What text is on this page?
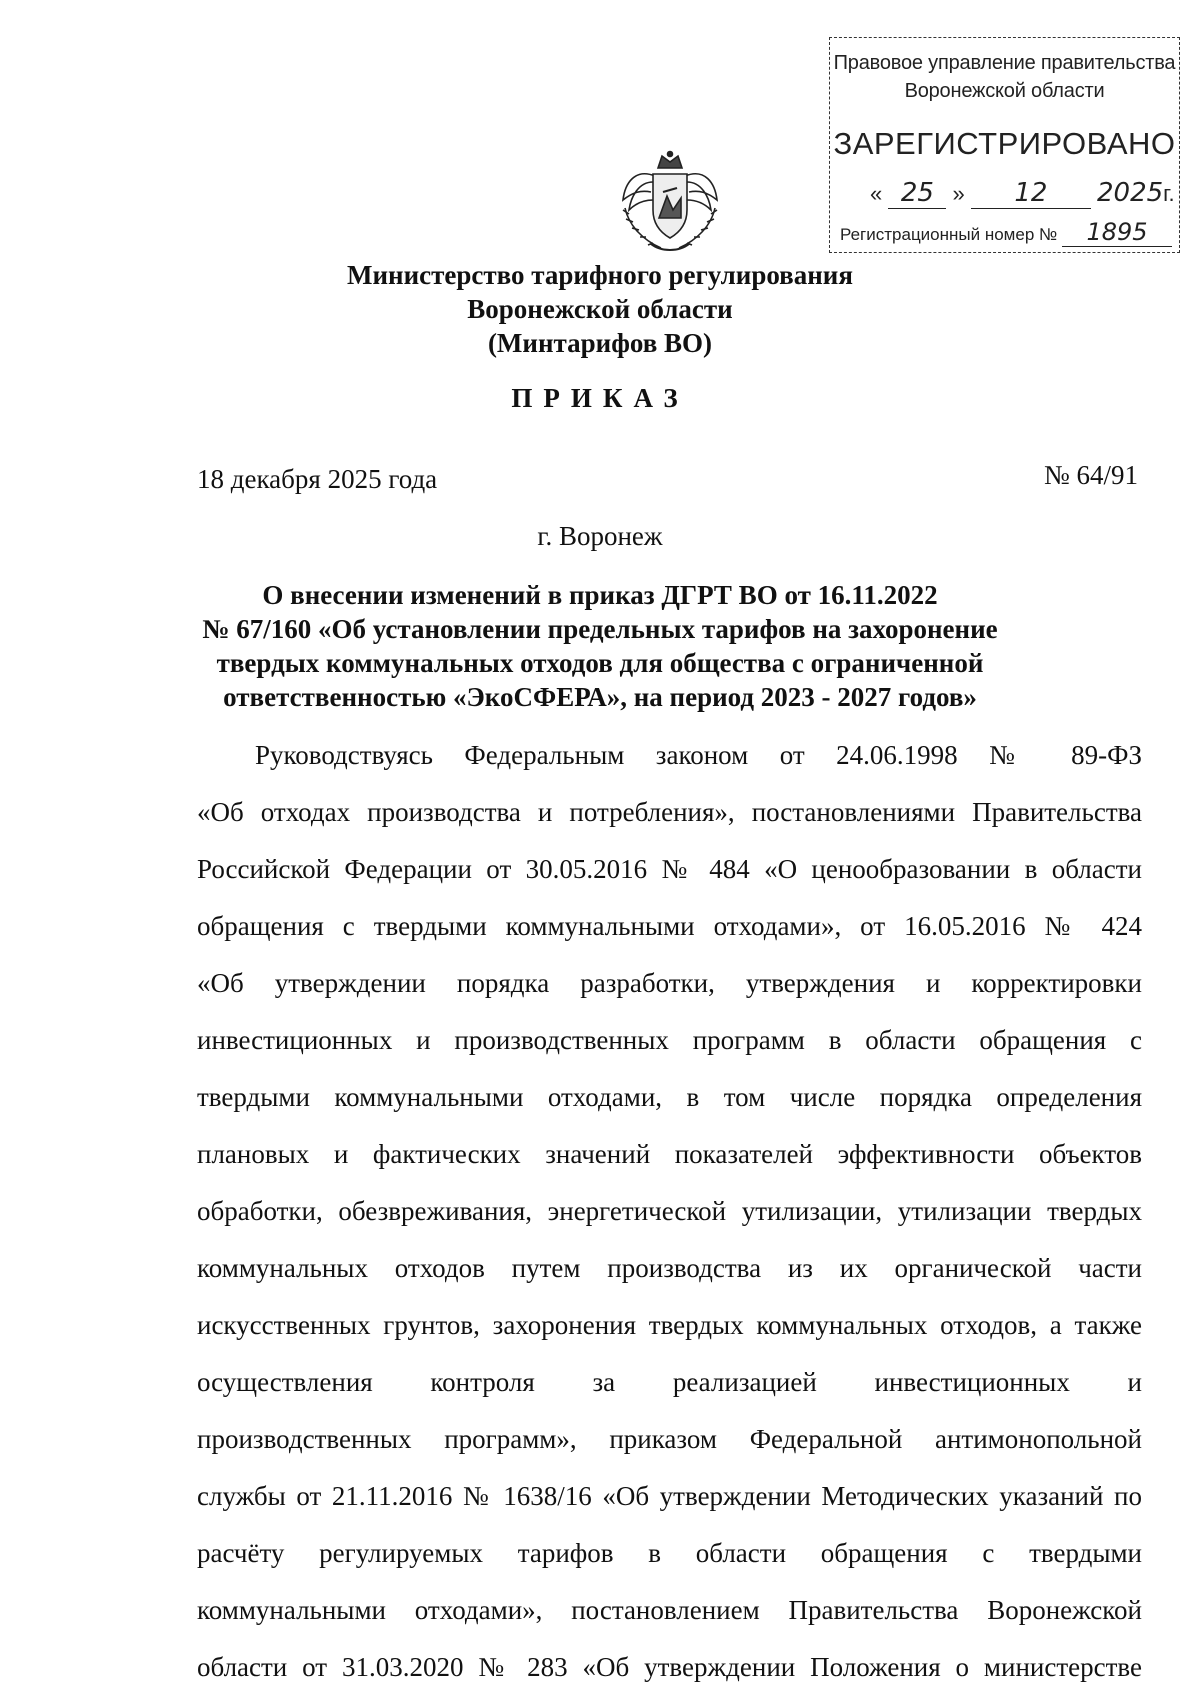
Правовое управление правительства
Воронежской области
ЗАРЕГИСТРИРОВАНО
« 25 » 12 2025г.
Регистрационный номер № 1895
Министерство тарифного регулирования
Воронежской области
(Минтарифов ВО)
ПРИКАЗ
18 декабря 2025 года	№ 64/91
г. Воронеж
О внесении изменений в приказ ДГРТ ВО от 16.11.2022
№ 67/160 «Об установлении предельных тарифов на захоронение
твердых коммунальных отходов для общества с ограниченной
ответственностью «ЭкоСФЕРА», на период 2023 - 2027 годов»
Руководствуясь Федеральным законом от 24.06.1998 № 89-ФЗ
«Об отходах производства и потребления», постановлениями Правительства
Российской Федерации от 30.05.2016 № 484 «О ценообразовании в области
обращения с твердыми коммунальными отходами», от 16.05.2016 № 424
«Об утверждении порядка разработки, утверждения и корректировки
инвестиционных и производственных программ в области обращения с
твердыми коммунальными отходами, в том числе порядка определения
плановых и фактических значений показателей эффективности объектов
обработки, обезвреживания, энергетической утилизации, утилизации твердых
коммунальных отходов путем производства из их органической части
искусственных грунтов, захоронения твердых коммунальных отходов, а также
осуществления контроля за реализацией инвестиционных и
производственных программ», приказом Федеральной антимонопольной
службы от 21.11.2016 № 1638/16 «Об утверждении Методических указаний по
расчёту регулируемых тарифов в области обращения с твердыми
коммунальными отходами», постановлением Правительства Воронежской
области от 31.03.2020 № 283 «Об утверждении Положения о министерстве
